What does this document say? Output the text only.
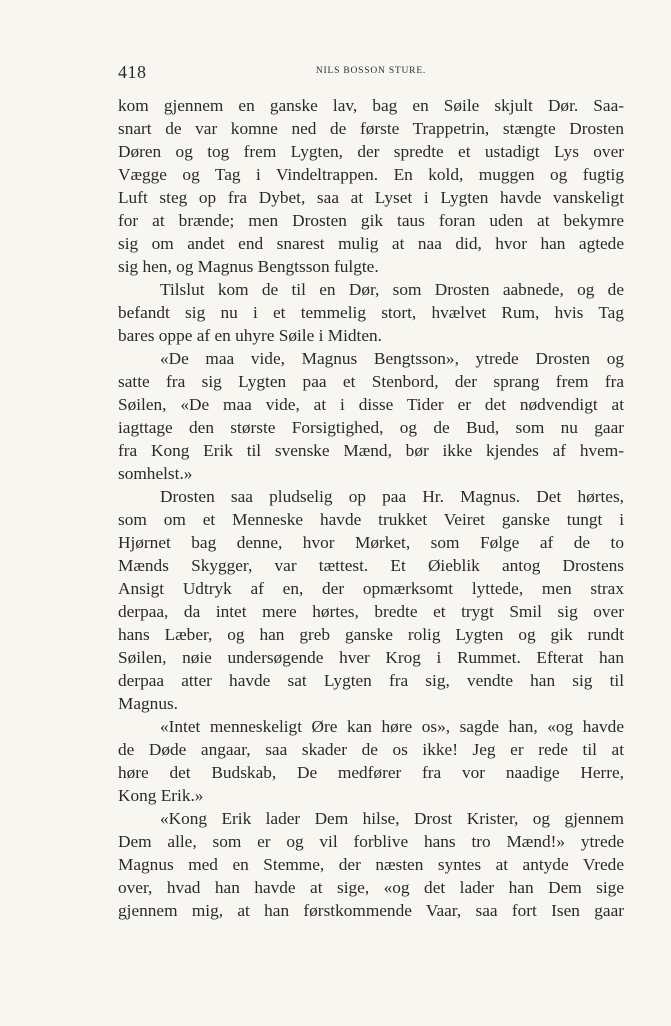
418	NILS BOSSON STURE.
kom gjennem en ganske lav, bag en Søile skjult Dør. Saa-
snart de var komne ned de første Trappetrin, stængte Drosten
Døren og tog frem Lygten, der spredte et ustadigt Lys over
Vægge og Tag i Vindeltrappen. En kold, muggen og fugtig
Luft steg op fra Dybet, saa at Lyset i Lygten havde vanskeligt
for at brænde; men Drosten gik taus foran uden at bekymre
sig om andet end snarest mulig at naa did, hvor han agtede
sig hen, og Magnus Bengtsson fulgte.
Tilslut kom de til en Dør, som Drosten aabnede, og de
befandt sig nu i et temmelig stort, hvælvet Rum, hvis Tag
bares oppe af en uhyre Søile i Midten.
«De maa vide, Magnus Bengtsson», ytrede Drosten og
satte fra sig Lygten paa et Stenbord, der sprang frem fra
Søilen, «De maa vide, at i disse Tider er det nødvendigt at
iagttage den største Forsigtighed, og de Bud, som nu gaar
fra Kong Erik til svenske Mænd, bør ikke kjendes af hvem-
somhelst.»
Drosten saa pludselig op paa Hr. Magnus. Det hørtes,
som om et Menneske havde trukket Veiret ganske tungt i
Hjørnet bag denne, hvor Mørket, som Følge af de to
Mænds Skygger, var tættest. Et Øieblik antog Drostens
Ansigt Udtryk af en, der opmærksomt lyttede, men strax
derpaa, da intet mere hørtes, bredte et trygt Smil sig over
hans Læber, og han greb ganske rolig Lygten og gik rundt
Søilen, nøie undersøgende hver Krog i Rummet. Efterat han
derpaa atter havde sat Lygten fra sig, vendte han sig til
Magnus.
«Intet menneskeligt Øre kan høre os», sagde han, «og havde
de Døde angaar, saa skader de os ikke! Jeg er rede til at
høre det Budskab, De medfører fra vor naadige Herre,
Kong Erik.»
«Kong Erik lader Dem hilse, Drost Krister, og gjennem
Dem alle, som er og vil forblive hans tro Mænd!» ytrede
Magnus med en Stemme, der næsten syntes at antyde Vrede
over, hvad han havde at sige, «og det lader han Dem sige
gjennem mig, at han førstkommende Vaar, saa fort Isen gaar
